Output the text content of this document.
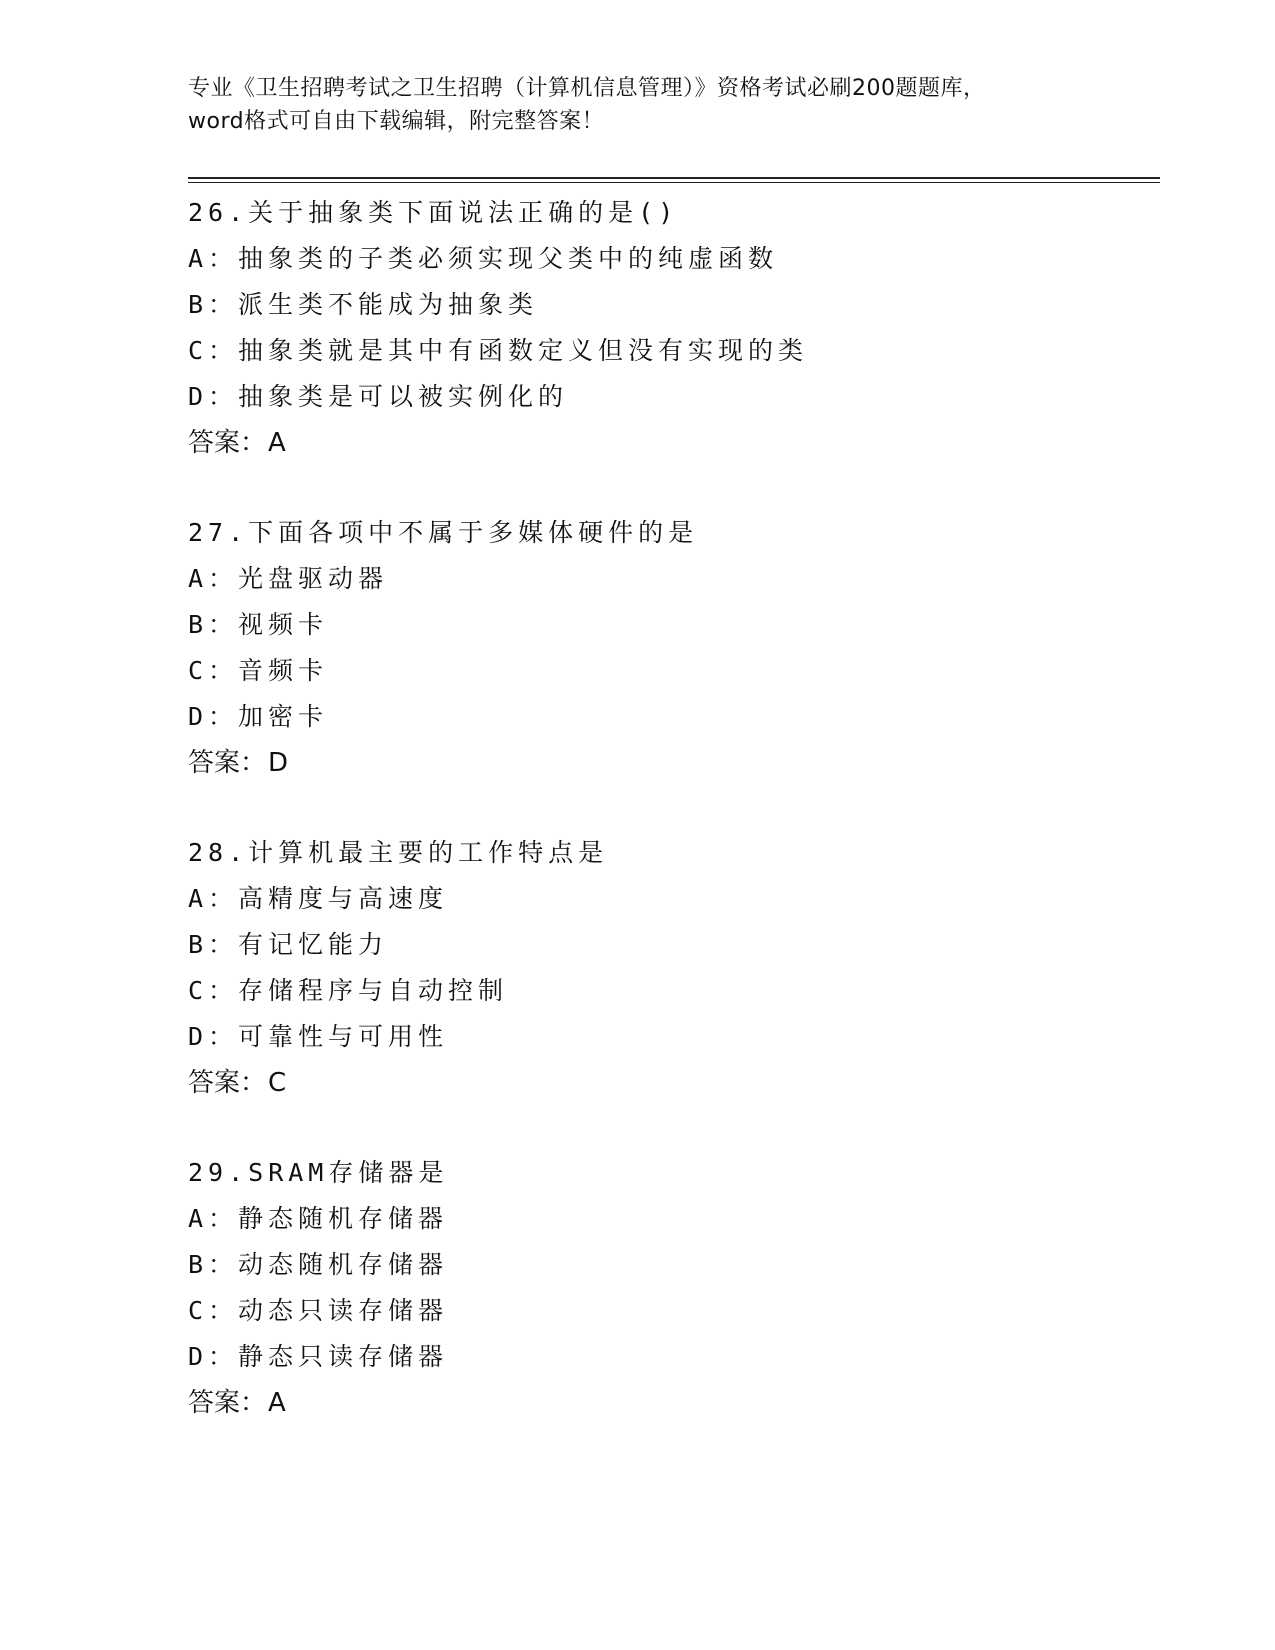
专业《卫生招聘考试之卫生招聘（计算机信息管理）》资格考试必刷200题题库，
word格式可自由下载编辑，附完整答案！
26.关于抽象类下面说法正确的是()
A：抽象类的子类必须实现父类中的纯虚函数
B：派生类不能成为抽象类
C：抽象类就是其中有函数定义但没有实现的类
D：抽象类是可以被实例化的
答案：A
27.下面各项中不属于多媒体硬件的是
A：光盘驱动器
B：视频卡
C：音频卡
D：加密卡
答案：D
28.计算机最主要的工作特点是
A：高精度与高速度
B：有记忆能力
C：存储程序与自动控制
D：可靠性与可用性
答案：C
29.SRAM存储器是
A：静态随机存储器
B：动态随机存储器
C：动态只读存储器
D：静态只读存储器
答案：A
